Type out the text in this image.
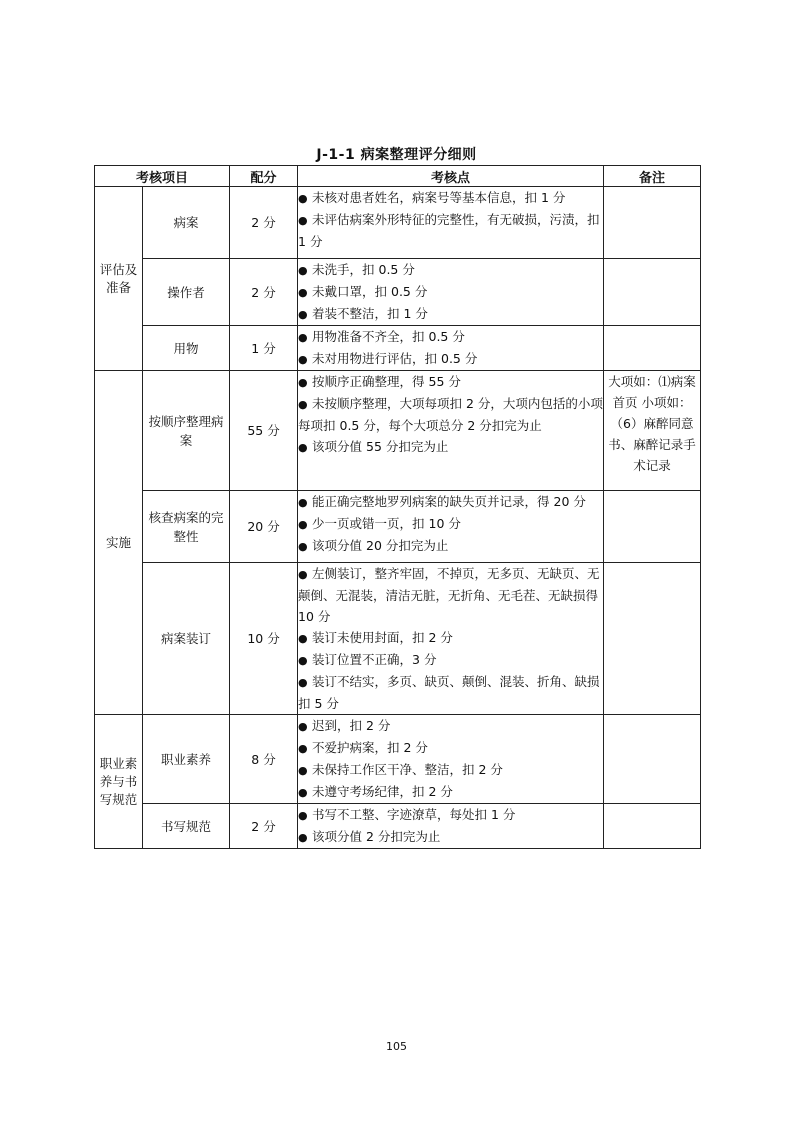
J-1-1 病案整理评分细则
考核项目		配分	考核点	备注
评估及准备	病案	2 分	● 未核对患者姓名，病案号等基本信息，扣 1 分
● 未评估病案外形特征的完整性，有无破损，污渍，扣 1 分	

	操作者	2 分	● 未洗手，扣 0.5 分
● 未戴口罩，扣 0.5 分
● 着装不整洁，扣 1 分	

	用物	1 分	● 用物准备不齐全，扣 0.5 分
● 未对用物进行评估，扣 0.5 分	

实施	按顺序整理病案	55 分	● 按顺序正确整理，得 55 分
● 未按顺序整理，大项每项扣 2 分，大项内包括的小项每项扣 0.5 分，每个大项总分 2 分扣完为止
● 该项分值 55 分扣完为止	大项如：⑴病案首页 小项如：（6）麻醉同意书、麻醉记录手术记录
	核查病案的完整性	20 分	● 能正确完整地罗列病案的缺失页并记录，得 20 分
● 少一页或错一页，扣 10 分
● 该项分值 20 分扣完为止	

	病案装订	10 分	● 左侧装订，整齐牢固，不掉页，无多页、无缺页、无颠倒、无混装，清洁无脏，无折角、无毛茬、无缺损得 10 分
● 装订未使用封面，扣 2 分
● 装订位置不正确，3 分
● 装订不结实，多页、缺页、颠倒、混装、折角、缺损扣 5 分	

职业素养与书写规范	职业素养	8 分	● 迟到，扣 2 分
● 不爱护病案，扣 2 分
● 未保持工作区干净、整洁，扣 2 分
● 未遵守考场纪律，扣 2 分	

	书写规范	2 分	● 书写不工整、字迹潦草，每处扣 1 分
● 该项分值 2 分扣完为止	

105
